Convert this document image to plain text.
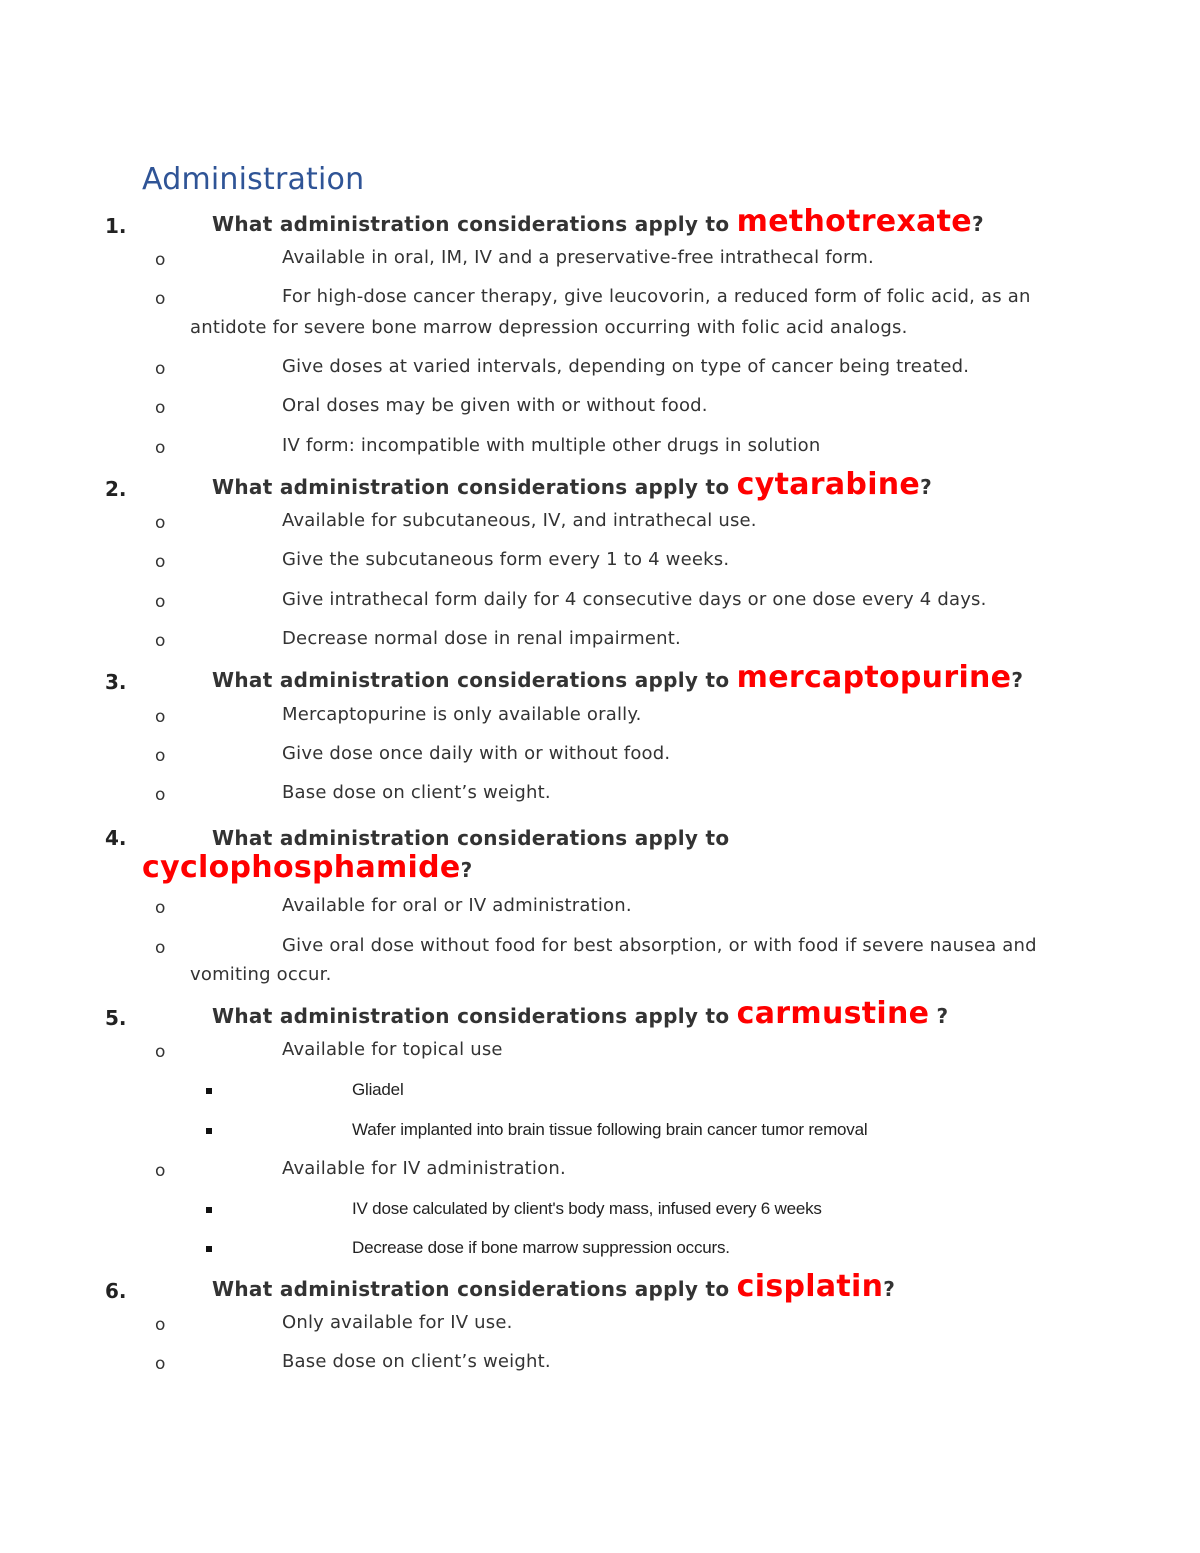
Administration
1.	What administration considerations apply to methotrexate?
o	Available in oral, IM, IV and a preservative-free intrathecal form.
o	For high-dose cancer therapy, give leucovorin, a reduced form of folic acid, as an
antidote for severe bone marrow depression occurring with folic acid analogs.
o	Give doses at varied intervals, depending on type of cancer being treated.
o	Oral doses may be given with or without food.
o	IV form: incompatible with multiple other drugs in solution
2.	What administration considerations apply to cytarabine?
o	Available for subcutaneous, IV, and intrathecal use.
o	Give the subcutaneous form every 1 to 4 weeks.
o	Give intrathecal form daily for 4 consecutive days or one dose every 4 days.
o	Decrease normal dose in renal impairment.
3.	What administration considerations apply to mercaptopurine?
o	Mercaptopurine is only available orally.
o	Give dose once daily with or without food.
o	Base dose on client’s weight.
4.	What administration considerations apply to
cyclophosphamide?
o	Available for oral or IV administration.
o	Give oral dose without food for best absorption, or with food if severe nausea and
vomiting occur.
5.	What administration considerations apply to carmustine ?
o	Available for topical use
Gliadel
Wafer implanted into brain tissue following brain cancer tumor removal
o	Available for IV administration.
IV dose calculated by client's body mass, infused every 6 weeks
Decrease dose if bone marrow suppression occurs.
6.	What administration considerations apply to cisplatin?
o	Only available for IV use.
o	Base dose on client’s weight.
